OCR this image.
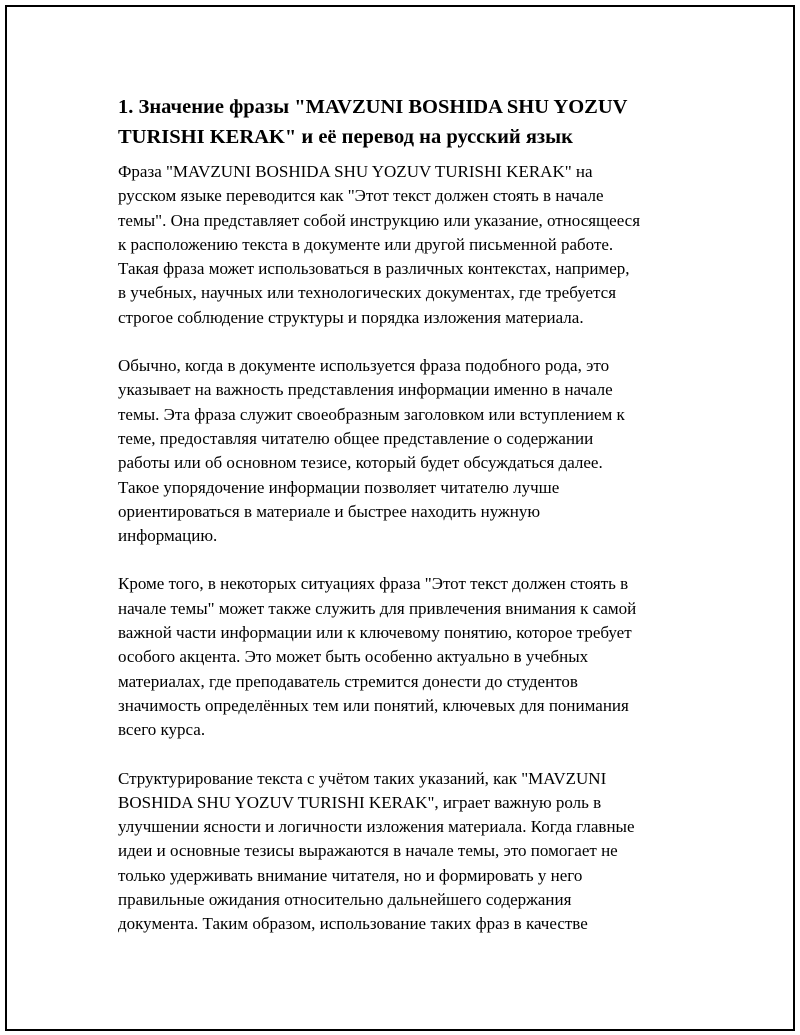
1. Значение фразы "MAVZUNI BOSHIDA SHU YOZUV
TURISHI KERAK" и её перевод на русский язык

Фраза "MAVZUNI BOSHIDA SHU YOZUV TURISHI KERAK" на
русском языке переводится как "Этот текст должен стоять в начале
темы". Она представляет собой инструкцию или указание, относящееся
к расположению текста в документе или другой письменной работе.
Такая фраза может использоваться в различных контекстах, например,
в учебных, научных или технологических документах, где требуется
строгое соблюдение структуры и порядка изложения материала.

Обычно, когда в документе используется фраза подобного рода, это
указывает на важность представления информации именно в начале
темы. Эта фраза служит своеобразным заголовком или вступлением к
теме, предоставляя читателю общее представление о содержании
работы или об основном тезисе, который будет обсуждаться далее.
Такое упорядочение информации позволяет читателю лучше
ориентироваться в материале и быстрее находить нужную
информацию.

Кроме того, в некоторых ситуациях фраза "Этот текст должен стоять в
начале темы" может также служить для привлечения внимания к самой
важной части информации или к ключевому понятию, которое требует
особого акцента. Это может быть особенно актуально в учебных
материалах, где преподаватель стремится донести до студентов
значимость определённых тем или понятий, ключевых для понимания
всего курса.

Структурирование текста с учётом таких указаний, как "MAVZUNI
BOSHIDA SHU YOZUV TURISHI KERAK", играет важную роль в
улучшении ясности и логичности изложения материала. Когда главные
идеи и основные тезисы выражаются в начале темы, это помогает не
только удерживать внимание читателя, но и формировать у него
правильные ожидания относительно дальнейшего содержания
документа. Таким образом, использование таких фраз в качестве
